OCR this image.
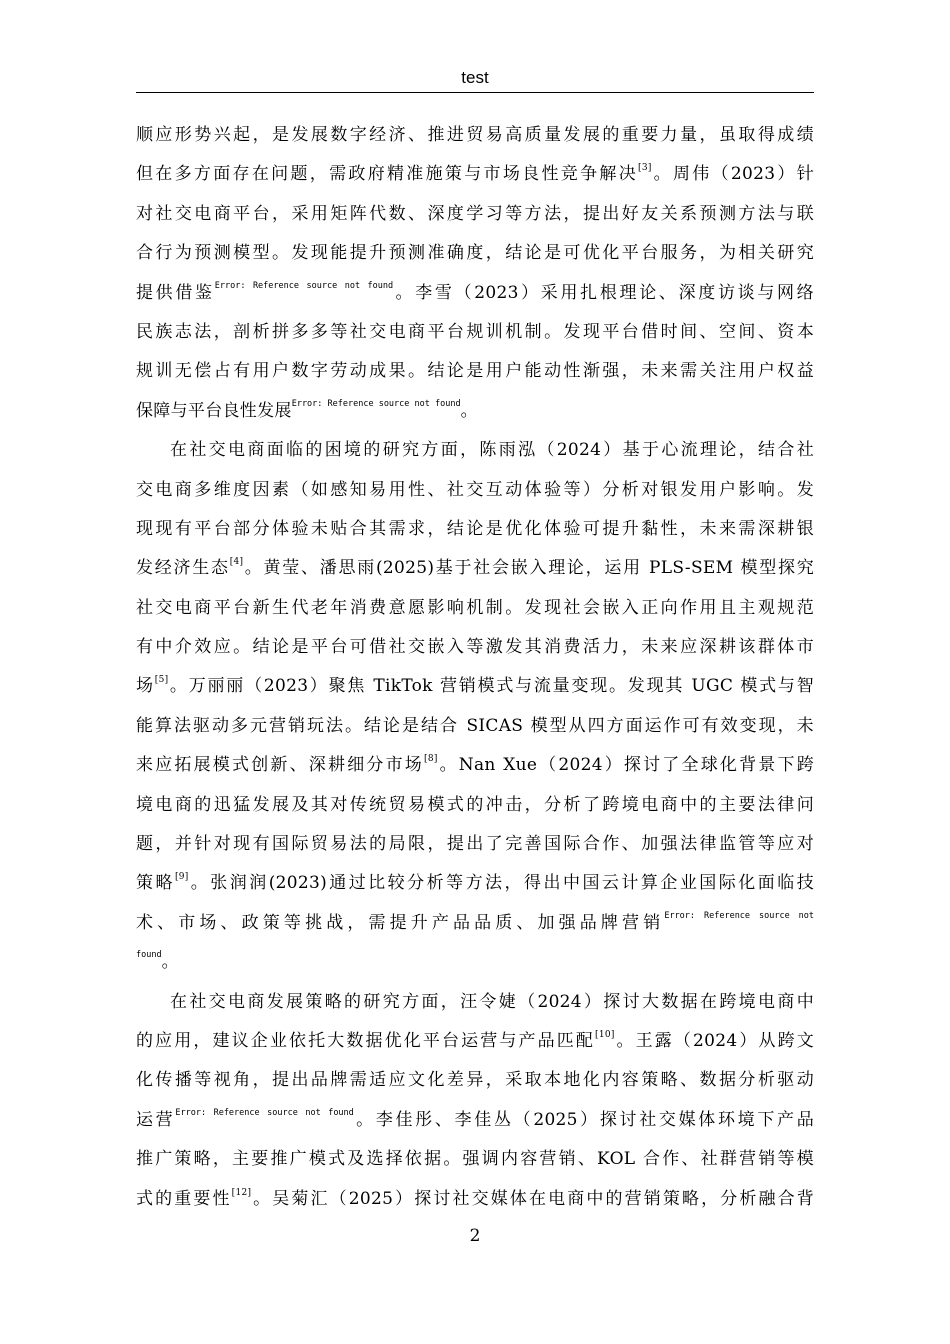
test

顺应形势兴起，是发展数字经济、推进贸易高质量发展的重要力量，虽取得成绩
但在多方面存在问题，需政府精准施策与市场良性竞争解决[3]。周伟（2023）针
对社交电商平台，采用矩阵代数、深度学习等方法，提出好友关系预测方法与联
合行为预测模型。发现能提升预测准确度，结论是可优化平台服务，为相关研究
提供借鉴$^{Error: Reference source not found}$。李雪（2023）采用扎根理论、深度访谈与网络
民族志法，剖析拼多多等社交电商平台规训机制。发现平台借时间、空间、资本
规训无偿占有用户数字劳动成果。结论是用户能动性渐强，未来需关注用户权益
保障与平台良性发展$^{Error: Reference source not found}$。

在社交电商面临的困境的研究方面，陈雨泓（2024）基于心流理论，结合社
交电商多维度因素（如感知易用性、社交互动体验等）分析对银发用户影响。发
现现有平台部分体验未贴合其需求，结论是优化体验可提升黏性，未来需深耕银
发经济生态[4]。黄莹、潘思雨(2025)基于社会嵌入理论，运用 PLS-SEM 模型探究
社交电商平台新生代老年消费意愿影响机制。发现社会嵌入正向作用且主观规范
有中介效应。结论是平台可借社交嵌入等激发其消费活力，未来应深耕该群体市
场[5]。万丽丽（2023）聚焦 TikTok 营销模式与流量变现。发现其 UGC 模式与智
能算法驱动多元营销玩法。结论是结合 SICAS 模型从四方面运作可有效变现，未
来应拓展模式创新、深耕细分市场[8]。Nan Xue（2024）探讨了全球化背景下跨
境电商的迅猛发展及其对传统贸易模式的冲击，分析了跨境电商中的主要法律问
题，并针对现有国际贸易法的局限，提出了完善国际合作、加强法律监管等应对
策略[9]。张润润(2023)通过比较分析等方法，得出中国云计算企业国际化面临技
术、市场、政策等挑战，需提升产品品质、加强品牌营销$^{Error: Reference source not}$
$^{found}$。

在社交电商发展策略的研究方面，汪令婕（2024）探讨大数据在跨境电商中
的应用，建议企业依托大数据优化平台运营与产品匹配[10]。王露（2024）从跨文
化传播等视角，提出品牌需适应文化差异，采取本地化内容策略、数据分析驱动
运营$^{Error: Reference source not found}$。李佳彤、李佳丛（2025）探讨社交媒体环境下产品
推广策略，主要推广模式及选择依据。强调内容营销、KOL 合作、社群营销等模
式的重要性[12]。吴菊汇（2025）探讨社交媒体在电商中的营销策略，分析融合背

2
